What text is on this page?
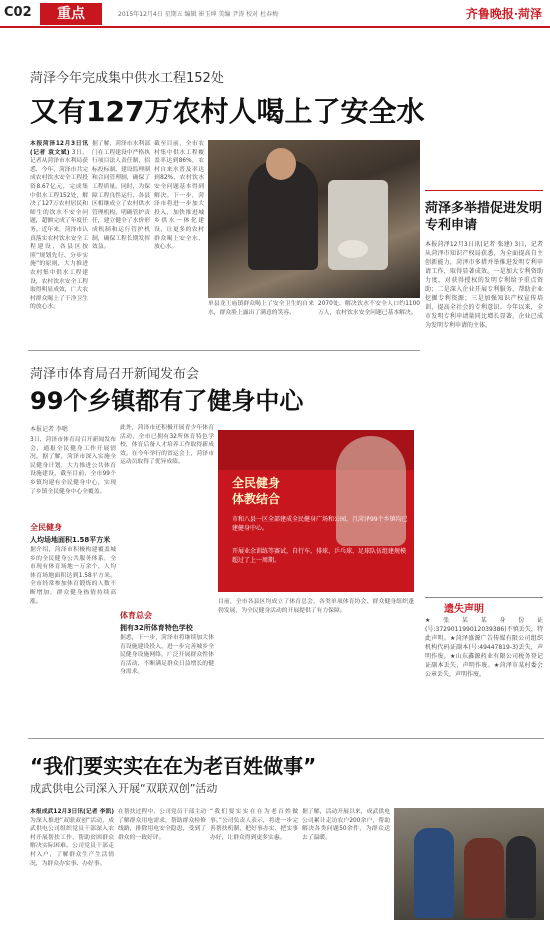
C02	重点	2015年12月4日 星期五 编辑 崔玉坤 美编 尹涛 校对 杜春梅	齐鲁晚报·菏泽
菏泽今年完成集中供水工程152处
又有127万农村人喝上了安全水
本报菏泽12月3日讯(记者 袁文斌) 3日，记者从菏泽市水利局获悉，今年，菏泽市共完成农村饮水安全工程投资8.67亿元，完成集中供水工程152处，解决了127万农村居民和师生的饮水不安全问题，超额完成了年度任务。近年来，菏泽市认真落实农村饮水安全工程建设，各县区按照“规划先行、分步实施”的原则，大力推进农村集中供水工程建设，农村饮水安全工程取得明显成效，广大农村群众喝上了干净卫生的放心水。
据了解，菏泽市水利部门在工程建设中严格执行项目法人责任制、招标投标制、建设监理制和合同管理制，确保了工程质量。同时，为保障工程良性运行，各县区相继成立了农村供水管理机构，明确管护责任，建立健全了水价形成机制和运行管护机制，确保工程长期发挥效益。
截至目前，全市农村集中供水工程覆盖率达到86%，农村自来水普及率达到82%，农村饮水安全问题基本得到解决。下一步，菏泽市将进一步加大投入，加快推进城乡供水一体化建设，让更多的农村群众喝上安全水、放心水。
单县龙王庙镇群众喝上了安全卫生的自来水，群众脸上露出了满意的笑容。
2070处，解决饮水不安全人口约1100万人，农村饮水安全问题已基本解决。
菏泽多举措促进发明专利申请
本报菏泽12月3日讯(记者 张建) 3日，记者从菏泽市知识产权局获悉，为全面提高自主创新能力，菏泽市多措并举推进发明专利申请工作，取得显著成效。一是加大专利资助力度，对获得授权的发明专利给予重点资助；二是深入企业开展专利服务，帮助企业挖掘专利资源；三是加强知识产权宣传培训，提高全社会的专利意识。今年以来，全市发明专利申请量同比增长显著，企业已成为发明专利申请的主体。
菏泽市体育局召开新闻发布会
99个乡镇都有了健身中心
本报记者 李嗯
3日，菏泽市体育局召开新闻发布会，通报全民健身工作开展情况。据了解，菏泽市深入实施全民健身计划，大力推进公共体育设施建设，截至目前，全市99个乡镇均建有全民健身中心，实现了乡镇全民健身中心全覆盖。
全民健身
人均场地面积1.58平方米
据介绍，菏泽市积极构建覆盖城乡的全民健身公共服务体系，全市现有体育场地一万余个，人均体育场地面积达到1.58平方米。全市经常参加体育锻炼的人数不断增加，群众健身热情持续高涨。
此外，菏泽市还积极开展青少年体育活动，全市已拥有32所体育特色学校，体育后备人才培养工作取得新成效。在今年举行的省运会上，菏泽市运动员取得了优异成绩。
体育总会
拥有32所体育特色学校
据悉，下一步，菏泽市将继续加大体育设施建设投入，进一步完善城乡全民健身设施网络，广泛开展群众性体育活动，不断满足群众日益增长的健身需求。
全民健身
体教结合
市和八县一区全部建成全民健身广场和公园，且菏泽99个乡镇均已建健身中心。
开展业余训练等赛试，自行车、排球、乒乓球、足球队伍组建规模超过了上一周期。
目前，全市各县区均成立了体育总会，各类单项体育协会、群众健身组织蓬勃发展，为全民健身活动的开展提供了有力保障。	遗失声明
★张某某身份证(号:372901199012039386)不慎丢失，特此声明。★菏泽盛源广告传媒有限公司组织机构代码证副本(号:49447819-3)丢失，声明作废。★山东鑫源药业有限公司税务登记证副本丢失，声明作废。★菏泽市某村委会公章丢失，声明作废。
“我们要实实在在为老百姓做事”
成武供电公司深入开展“双联双创”活动
本报成武12月3日讯(记者 李凯) 为深入推进“双联双创”活动，成武供电公司组织党员干部深入农村开展帮扶工作，帮助贫困群众解决实际困难。公司党员干部走村入户，了解群众生产生活情况，为群众办实事、办好事。
在帮扶过程中，公司党员干部主动了解群众用电需求，帮助群众检修线路，排除用电安全隐患，受到了群众的一致好评。
“我们要实实在在为老百姓做事。”公司负责人表示，将进一步完善帮扶机制，把好事办实、把实事办好，让群众得到更多实惠。
据了解，活动开展以来，成武供电公司累计走访农户200余户，帮助解决各类问题50余件，为群众送去了温暖。
